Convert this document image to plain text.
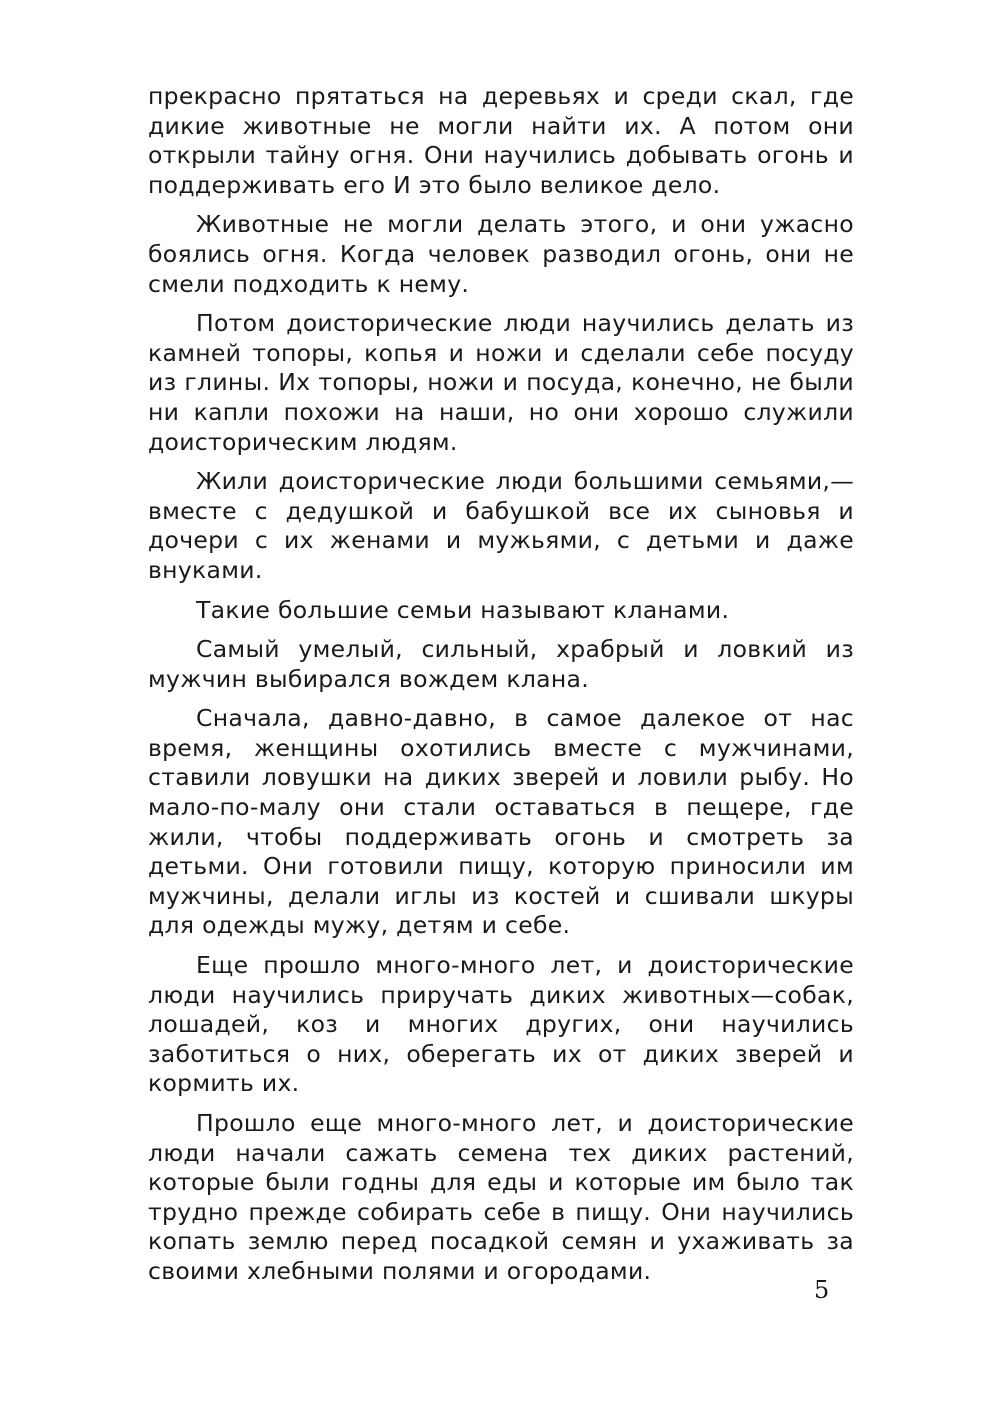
прекрасно прятаться на деревьях и среди скал, где дикие животные не могли найти их. А потом они открыли тайну огня. Они научились добывать огонь и поддерживать его И это было великое дело.

Животные не могли делать этого, и они ужасно боялись огня. Когда человек разводил огонь, они не смели подходить к нему.

Потом доисторические люди научились делать из камней топоры, копья и ножи и сделали себе посуду из глины. Их топоры, ножи и посуда, конечно, не были ни капли похожи на наши, но они хорошо служили доисторическим людям.

Жили доисторические люди большими семьями,— вместе с дедушкой и бабушкой все их сыновья и дочери с их женами и мужьями, с детьми и даже внуками.

Такие большие семьи называют кланами.

Самый умелый, сильный, храбрый и ловкий из мужчин выбирался вождем клана.

Сначала, давно-давно, в самое далекое от нас время, женщины охотились вместе с мужчинами, ставили ловушки на диких зверей и ловили рыбу. Но мало-по-малу они стали оставаться в пещере, где жили, чтобы поддерживать огонь и смотреть за детьми. Они готовили пищу, которую приносили им мужчины, делали иглы из костей и сшивали шкуры для одежды мужу, детям и себе.

Еще прошло много-много лет, и доисторические люди научились приручать диких животных—собак, лошадей, коз и многих других, они научились заботиться о них, оберегать их от диких зверей и кормить их.

Прошло еще много-много лет, и доисторические люди начали сажать семена тех диких растений, которые были годны для еды и которые им было так трудно прежде собирать себе в пищу. Они научились копать землю перед посадкой семян и ухаживать за своими хлебными полями и огородами.

5
